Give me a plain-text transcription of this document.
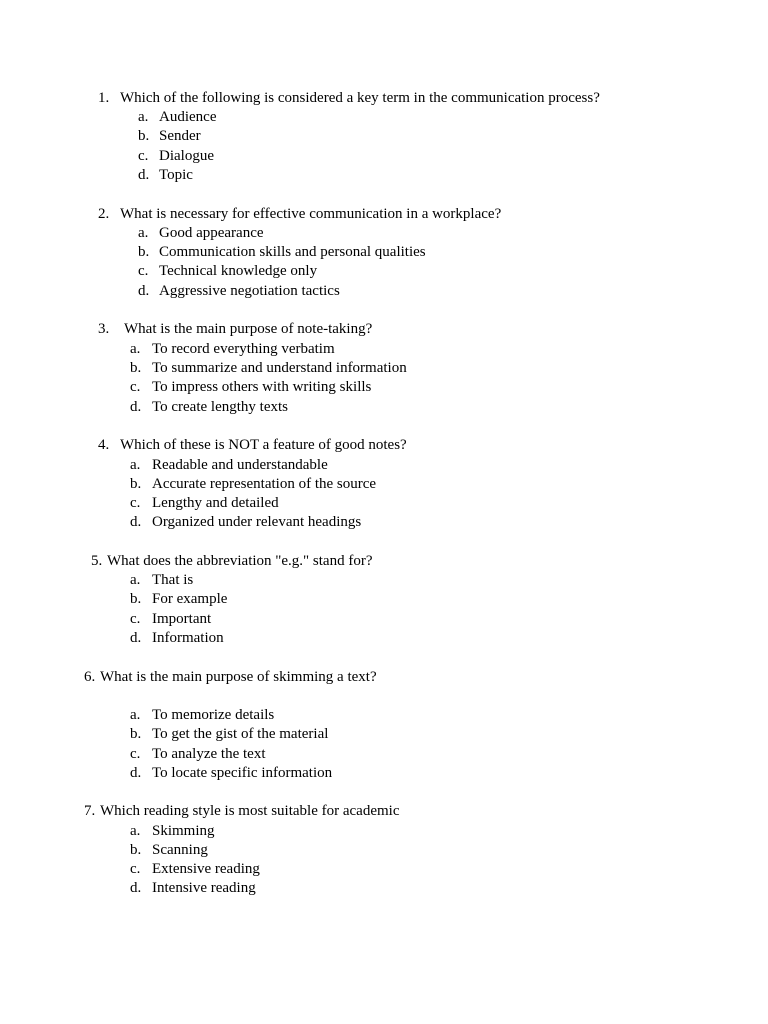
1. Which of the following is considered a key term in the communication process?
a. Audience
b. Sender
c. Dialogue
d. Topic
2. What is necessary for effective communication in a workplace?
a. Good appearance
b. Communication skills and personal qualities
c. Technical knowledge only
d. Aggressive negotiation tactics
3. What is the main purpose of note-taking?
a. To record everything verbatim
b. To summarize and understand information
c. To impress others with writing skills
d. To create lengthy texts
4. Which of these is NOT a feature of good notes?
a. Readable and understandable
b. Accurate representation of the source
c. Lengthy and detailed
d. Organized under relevant headings
5. What does the abbreviation "e.g." stand for?
a. That is
b. For example
c. Important
d. Information
6. What is the main purpose of skimming a text?
a. To memorize details
b. To get the gist of the material
c. To analyze the text
d. To locate specific information
7. Which reading style is most suitable for academic
a. Skimming
b. Scanning
c. Extensive reading
d. Intensive reading
